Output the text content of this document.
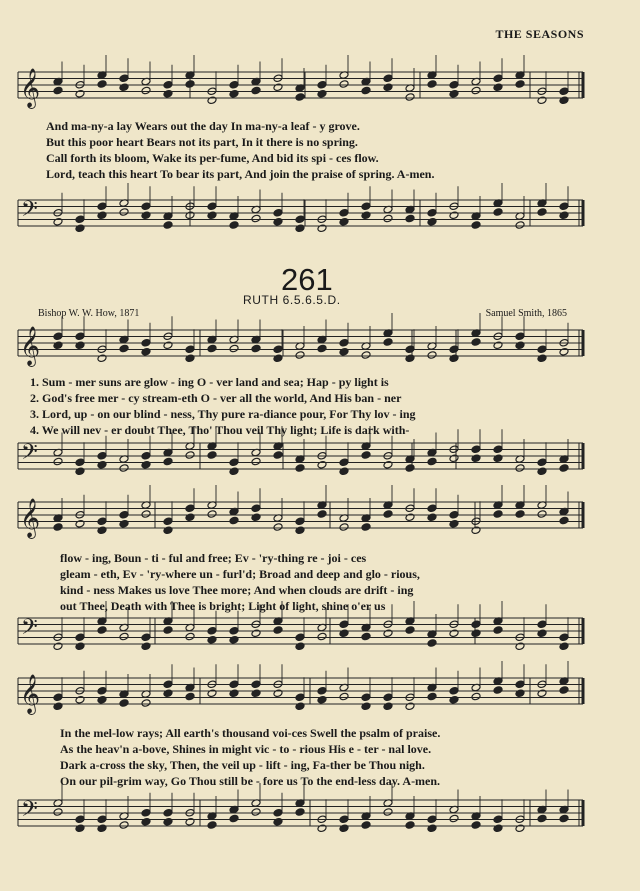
THE SEASONS
𝄞
𝄢
𝄞
𝄢
𝄞
𝄢
𝄞
𝄢
And ma-ny-a lay Wears out the day In ma-ny-a leaf - y grove.
But this poor heart Bears not its part, In it there is no spring.
Call forth its bloom, Wake its per-fume, And bid its spi - ces flow.
Lord, teach this heart To bear its part, And join the praise of spring. A-men.
261
RUTH 6.5.6.5.D.
Bishop W. W. How, 1871	Samuel Smith, 1865
1. Sum - mer suns are glow - ing O - ver land and sea; Hap - py light is
2. God's free mer - cy stream-eth O - ver all the world, And His ban - ner
3. Lord, up - on our blind - ness, Thy pure ra-diance pour, For Thy lov - ing
4. We will nev - er doubt Thee, Tho' Thou veil Thy light; Life is dark with-
flow - ing, Boun - ti - ful and free; Ev - 'ry-thing re - joi - ces
gleam - eth, Ev - 'ry-where un - furl'd; Broad and deep and glo - rious,
kind - ness Makes us love Thee more; And when clouds are drift - ing
out Thee, Death with Thee is bright; Light of light, shine o'er us
In the mel-low rays; All earth's thousand voi-ces Swell the psalm of praise.
As the heav'n a-bove, Shines in might vic - to - rious His e - ter - nal love.
Dark a-cross the sky, Then, the veil up - lift - ing, Fa-ther be Thou nigh.
On our pil-grim way, Go Thou still be - fore us To the end-less day. A-men.
